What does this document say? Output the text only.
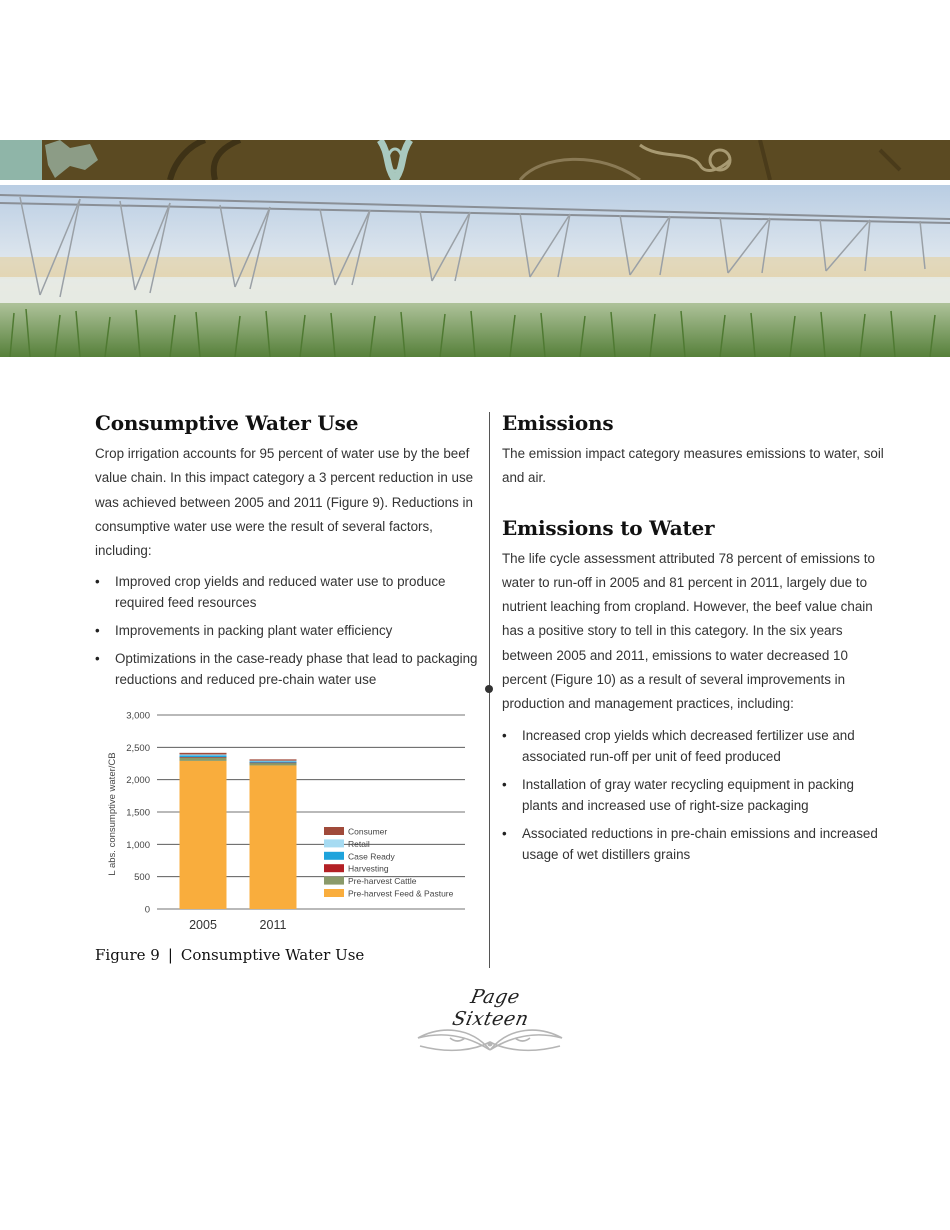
Consumptive Water Use

Crop irrigation accounts for 95 percent of water use by the beef value chain. In this impact category a 3 percent reduction in use was achieved between 2005 and 2011 (Figure 9). Reductions in consumptive water use were the result of several factors, including:

• Improved crop yields and reduced water use to produce required feed resources
• Improvements in packing plant water efficiency
• Optimizations in the case-ready phase that lead to packaging reductions and reduced pre-chain water use
Emissions

The emission impact category measures emissions to water, soil and air.

Emissions to Water

The life cycle assessment attributed 78 percent of emissions to water to run-off in 2005 and 81 percent in 2011, largely due to nutrient leaching from cropland. However, the beef value chain has a positive story to tell in this category. In the six years between 2005 and 2011, emissions to water decreased 10 percent (Figure 10) as a result of several improvements in production and management practices, including:

• Increased crop yields which decreased fertilizer use and associated run-off per unit of feed produced
• Installation of gray water recycling equipment in packing plants and increased use of right-size packaging
• Associated reductions in pre-chain emissions and increased usage of wet distillers grains
0
500
1,000
1,500
2,000
2,500
3,000
L abs. consumptive water/CB
2005	2011
Consumer
Retail
Case Ready
Harvesting
Pre-harvest Cattle
Pre-harvest Feed & Pasture
Figure 9 | Consumptive Water Use
Page Sixteen
